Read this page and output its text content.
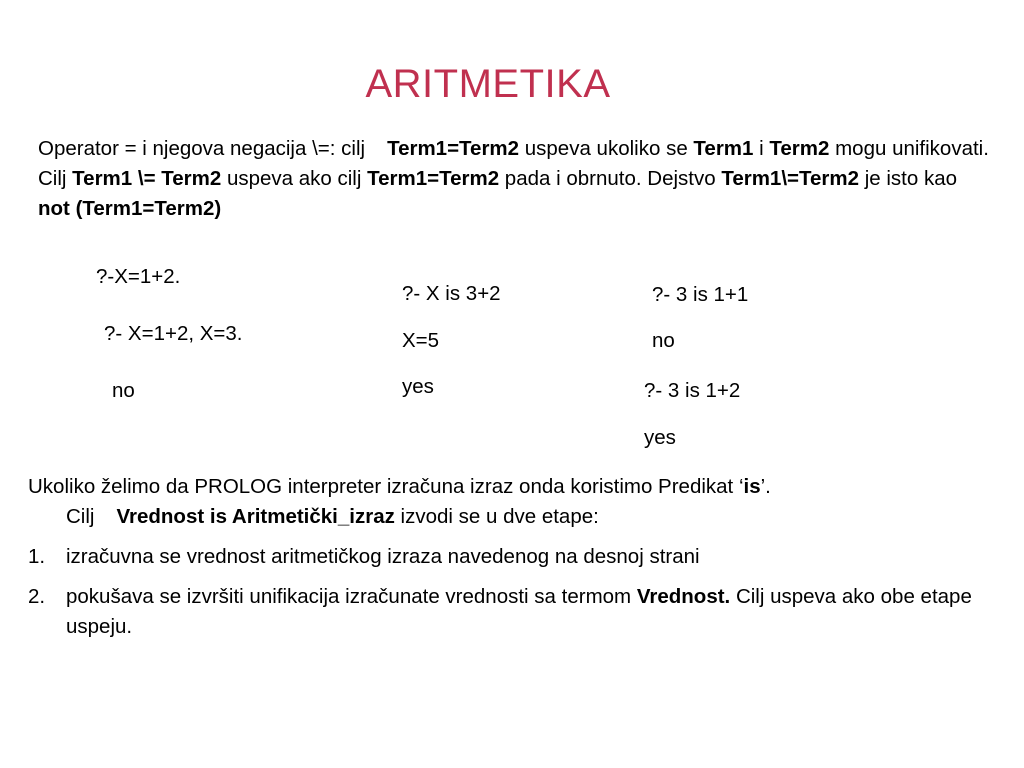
ARITMETIKA
Operator = i njegova negacija \=: cilj Term1=Term2 uspeva ukoliko se Term1 i Term2 mogu unifikovati. Cilj Term1 \= Term2 uspeva ako cilj Term1=Term2 pada i obrnuto. Dejstvo Term1\=Term2 je isto kao not (Term1=Term2)
?-X=1+2.
?- X=1+2, X=3.
no
?- X is 3+2
X=5
yes
?- 3 is 1+1
no
?- 3 is 1+2
yes

Ukoliko želimo da PROLOG interpreter izračuna izraz onda koristimo Predikat ‘is’.

Cilj Vrednost is Aritmetički_izraz izvodi se u dve etape:

1.	izračuvna se vrednost aritmetičkog izraza navedenog na desnoj strani
2.	pokušava se izvršiti unifikacija izračunate vrednosti sa termom Vrednost. Cilj uspeva ako obe etape uspeju.
